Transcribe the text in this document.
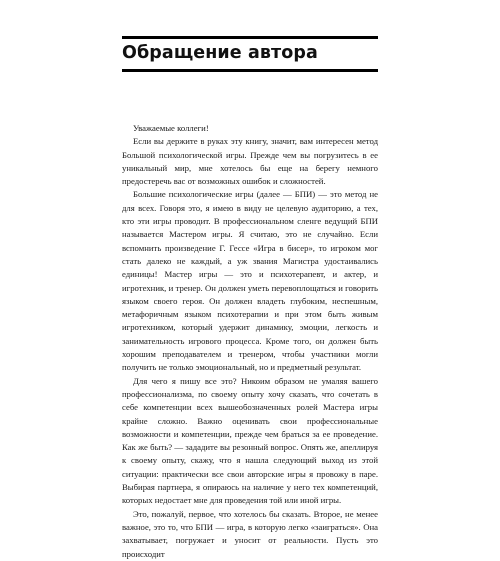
Обращение автора

Уважаемые коллеги!

Если вы держите в руках эту книгу, значит, вам интересен метод Большой психологической игры. Прежде чем вы погрузитесь в ее уникальный мир, мне хотелось бы еще на берегу немного предостеречь вас от возможных ошибок и сложностей.

Большие психологические игры (далее — БПИ) — это метод не для всех. Говоря это, я имею в виду не целевую аудиторию, а тех, кто эти игры проводит. В профессиональном сленге ведущий БПИ называется Мастером игры. Я считаю, это не случайно. Если вспомнить произведение Г. Гессе «Игра в бисер», то игроком мог стать далеко не каждый, а уж звания Магистра удостаивались единицы! Мастер игры — это и психотерапевт, и актер, и игротехник, и тренер. Он должен уметь перевоплощаться и говорить языком своего героя. Он должен владеть глубоким, неспешным, метафоричным языком психотерапии и при этом быть живым игротехником, который удержит динамику, эмоции, легкость и занимательность игрового процесса. Кроме того, он должен быть хорошим преподавателем и тренером, чтобы участники могли получить не только эмоциональный, но и предметный результат.

Для чего я пишу все это? Никоим образом не умаляя вашего профессионализма, по своему опыту хочу сказать, что сочетать в себе компетенции всех вышеобозначенных ролей Мастера игры крайне сложно. Важно оценивать свои профессиональные возможности и компетенции, прежде чем браться за ее проведение. Как же быть? — зададите вы резонный вопрос. Опять же, апеллируя к своему опыту, скажу, что я нашла следующий выход из этой ситуации: практически все свои авторские игры я провожу в паре. Выбирая партнера, я опираюсь на наличие у него тех компетенций, которых недостает мне для проведения той или иной игры.

Это, пожалуй, первое, что хотелось бы сказать. Второе, не менее важное, это то, что БПИ — игра, в которую легко «заиграться». Она захватывает, погружает и уносит от реальности. Пусть это происходит
